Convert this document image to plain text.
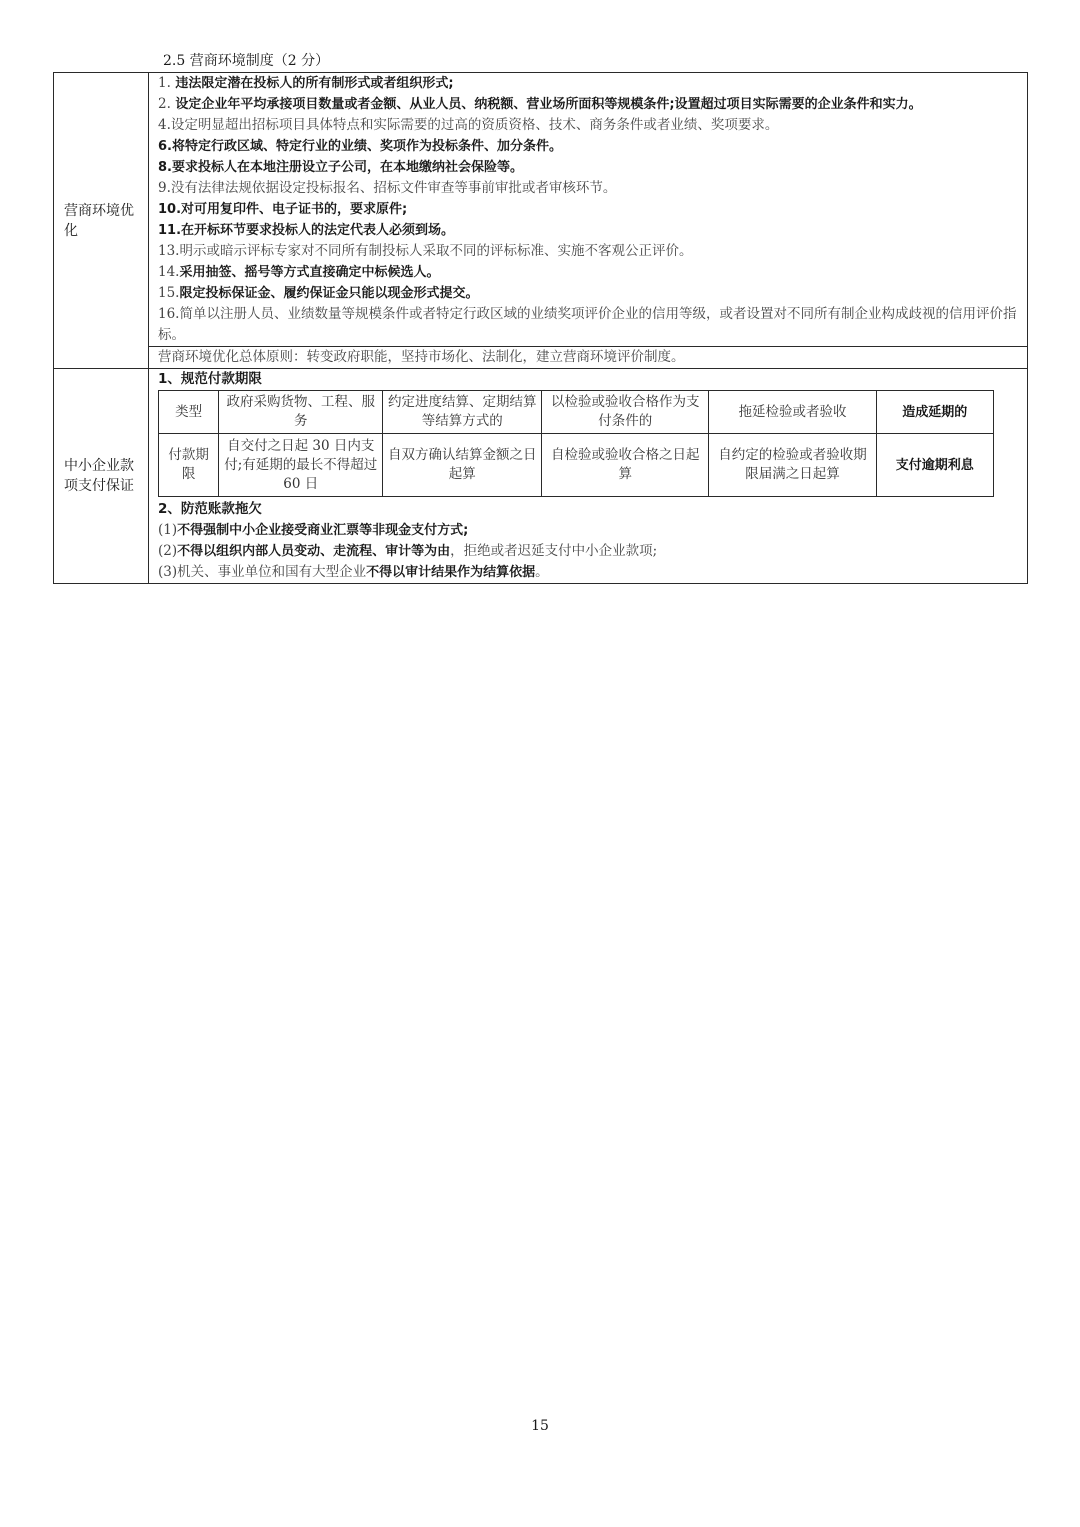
2.5 营商环境制度（2 分）
营商环境优化	
1. 违法限定潜在投标人的所有制形式或者组织形式;
2. 设定企业年平均承接项目数量或者金额、从业人员、纳税额、营业场所面积等规模条件;设置超过项目实际需要的企业条件和实力。
4.设定明显超出招标项目具体特点和实际需要的过高的资质资格、技术、商务条件或者业绩、奖项要求。
6.将特定行政区域、特定行业的业绩、奖项作为投标条件、加分条件。
8.要求投标人在本地注册设立子公司，在本地缴纳社会保险等。
9.没有法律法规依据设定投标报名、招标文件审查等事前审批或者审核环节。
10.对可用复印件、电子证书的，要求原件;
11.在开标环节要求投标人的法定代表人必须到场。
13.明示或暗示评标专家对不同所有制投标人采取不同的评标标准、实施不客观公正评价。
14.采用抽签、摇号等方式直接确定中标候选人。
15.限定投标保证金、履约保证金只能以现金形式提交。
16.简单以注册人员、业绩数量等规模条件或者特定行政区域的业绩奖项评价企业的信用等级，或者设置对不同所有制企业构成歧视的信用评价指标。
营商环境优化总体原则：转变政府职能，坚持市场化、法制化，建立营商环境评价制度。

中小企业款项支付保证	
1、规范付款期限
类型	政府采购货物、工程、服务	约定进度结算、定期结算等结算方式的	以检验或验收合格作为支付条件的	拖延检验或者验收	造成延期的
付款期限	自交付之日起 30 日内支付;有延期的最长不得超过 60 日	自双方确认结算金额之日起算	自检验或验收合格之日起算	自约定的检验或者验收期限届满之日起算	支付逾期利息
2、防范账款拖欠
(1)不得强制中小企业接受商业汇票等非现金支付方式;
(2)不得以组织内部人员变动、走流程、审计等为由，拒绝或者迟延支付中小企业款项;
(3)机关、事业单位和国有大型企业不得以审计结果作为结算依据。
15
